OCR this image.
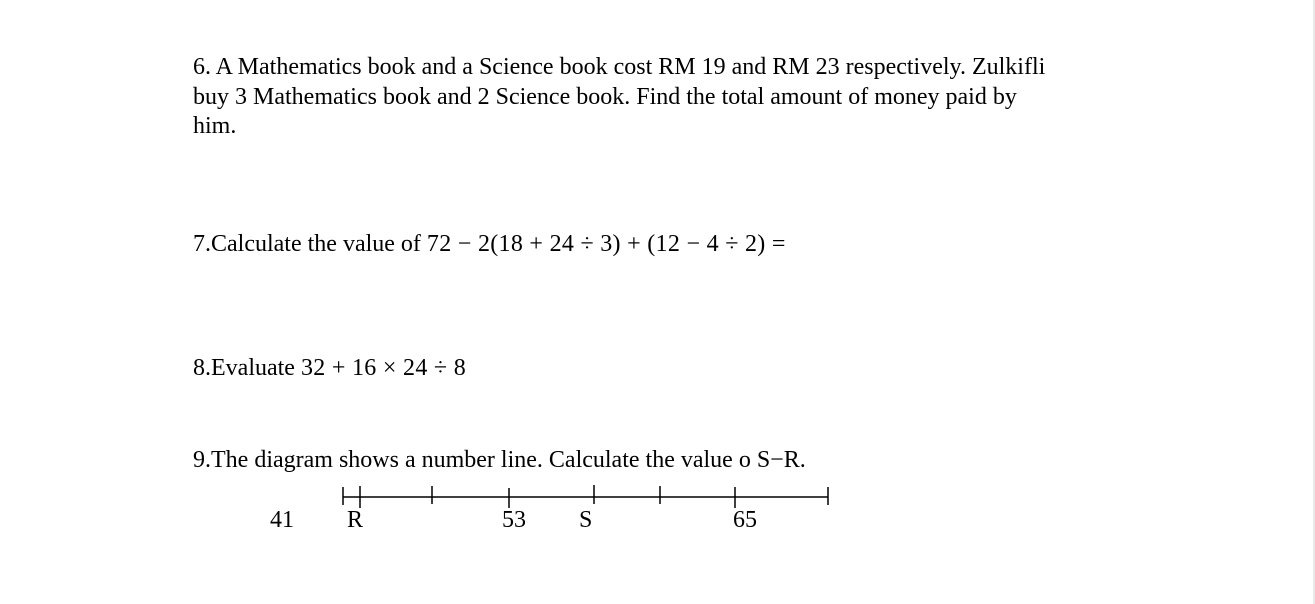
6. A Mathematics book and a Science book cost RM 19 and RM 23 respectively. Zulkifli
buy 3 Mathematics book and 2 Science book. Find the total amount of money paid by
him.
7.Calculate the value of 72 − 2(18 + 24 ÷ 3) + (12 − 4 ÷ 2) =
8.Evaluate 32 + 16 × 24 ÷ 8
9.The diagram shows a number line. Calculate the value o S−R.
41 R	53 S	65
